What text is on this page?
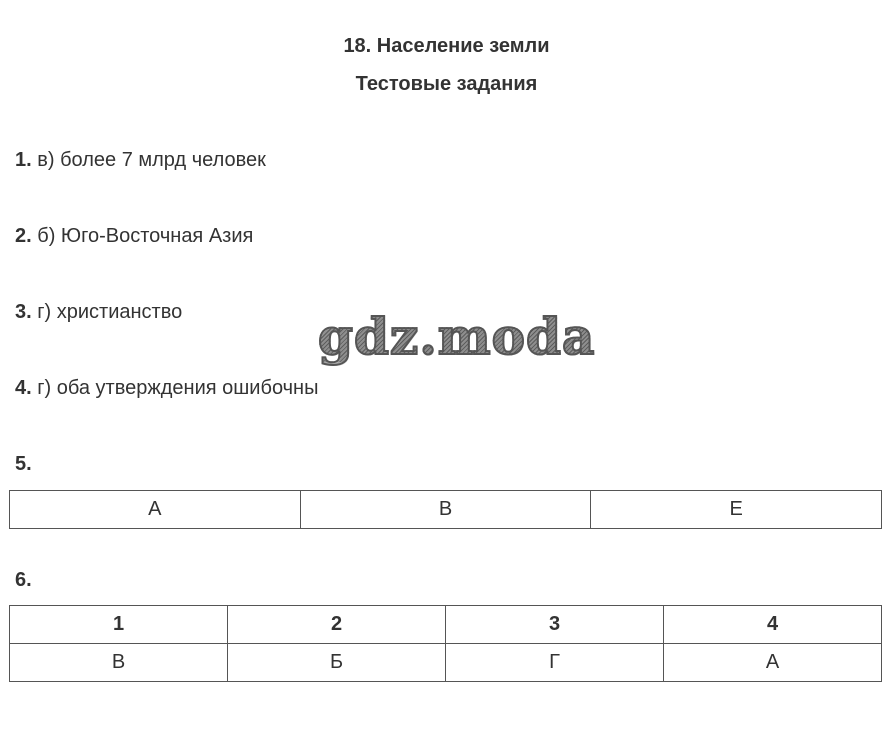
18. Население земли
Тестовые задания
1. в) более 7 млрд человек
2. б) Юго-Восточная Азия
3. г) христианство
4. г) оба утверждения ошибочны
5.
А	В	Е
6.
1	2	3	4
В	Б	Г	А
gdz.moda
